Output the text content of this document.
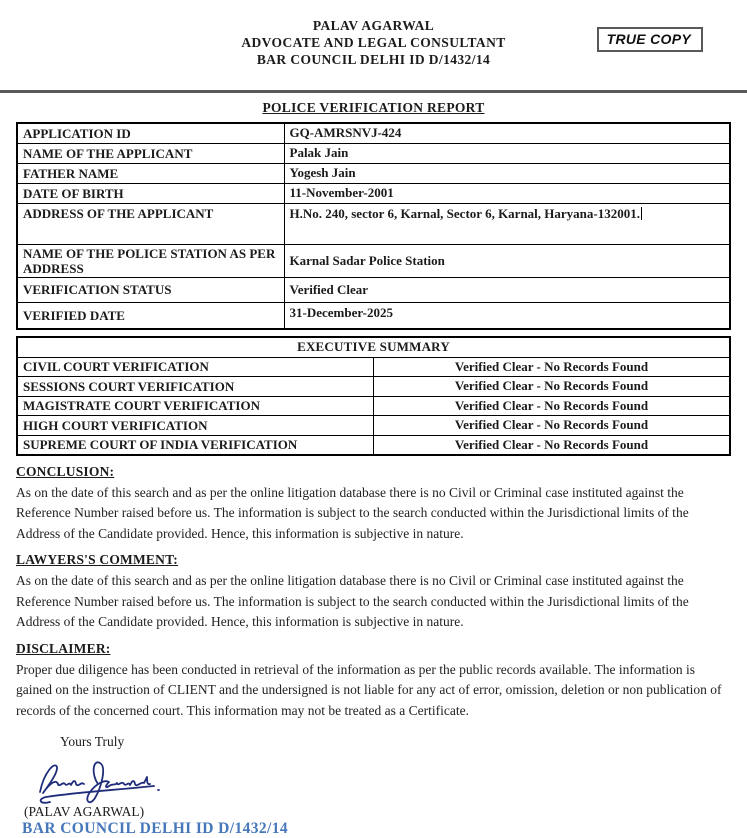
PALAV AGARWAL
ADVOCATE AND LEGAL CONSULTANT
BAR COUNCIL DELHI ID D/1432/14
TRUE COPY
POLICE VERIFICATION REPORT
APPLICATION ID	GQ-AMRSNVJ-424
NAME OF THE APPLICANT	Palak Jain
FATHER NAME	Yogesh Jain
DATE OF BIRTH	11-November-2001
ADDRESS OF THE APPLICANT	H.No. 240, sector 6, Karnal, Sector 6, Karnal, Haryana-132001.
NAME OF THE POLICE STATION AS PER ADDRESS	Karnal Sadar Police Station
VERIFICATION STATUS	Verified Clear
VERIFIED DATE	31-December-2025
EXECUTIVE SUMMARY	
CIVIL COURT VERIFICATION	Verified Clear - No Records Found
SESSIONS COURT VERIFICATION	Verified Clear - No Records Found
MAGISTRATE COURT VERIFICATION	Verified Clear - No Records Found
HIGH COURT VERIFICATION	Verified Clear - No Records Found
SUPREME COURT OF INDIA VERIFICATION	Verified Clear - No Records Found
CONCLUSION:
As on the date of this search and as per the online litigation database there is no Civil or Criminal case instituted against the Reference Number raised before us. The information is subject to the search conducted within the Jurisdictional limits of the Address of the Candidate provided. Hence, this information is subjective in nature.
LAWYERS'S COMMENT:
As on the date of this search and as per the online litigation database there is no Civil or Criminal case instituted against the Reference Number raised before us. The information is subject to the search conducted within the Jurisdictional limits of the Address of the Candidate provided. Hence, this information is subjective in nature.
DISCLAIMER:
Proper due diligence has been conducted in retrieval of the information as per the public records available. The information is gained on the instruction of CLIENT and the undersigned is not liable for any act of error, omission, deletion or non publication of records of the concerned court. This information may not be treated as a Certificate.
Yours Truly
(PALAV AGARWAL)
BAR COUNCIL DELHI ID D/1432/14
